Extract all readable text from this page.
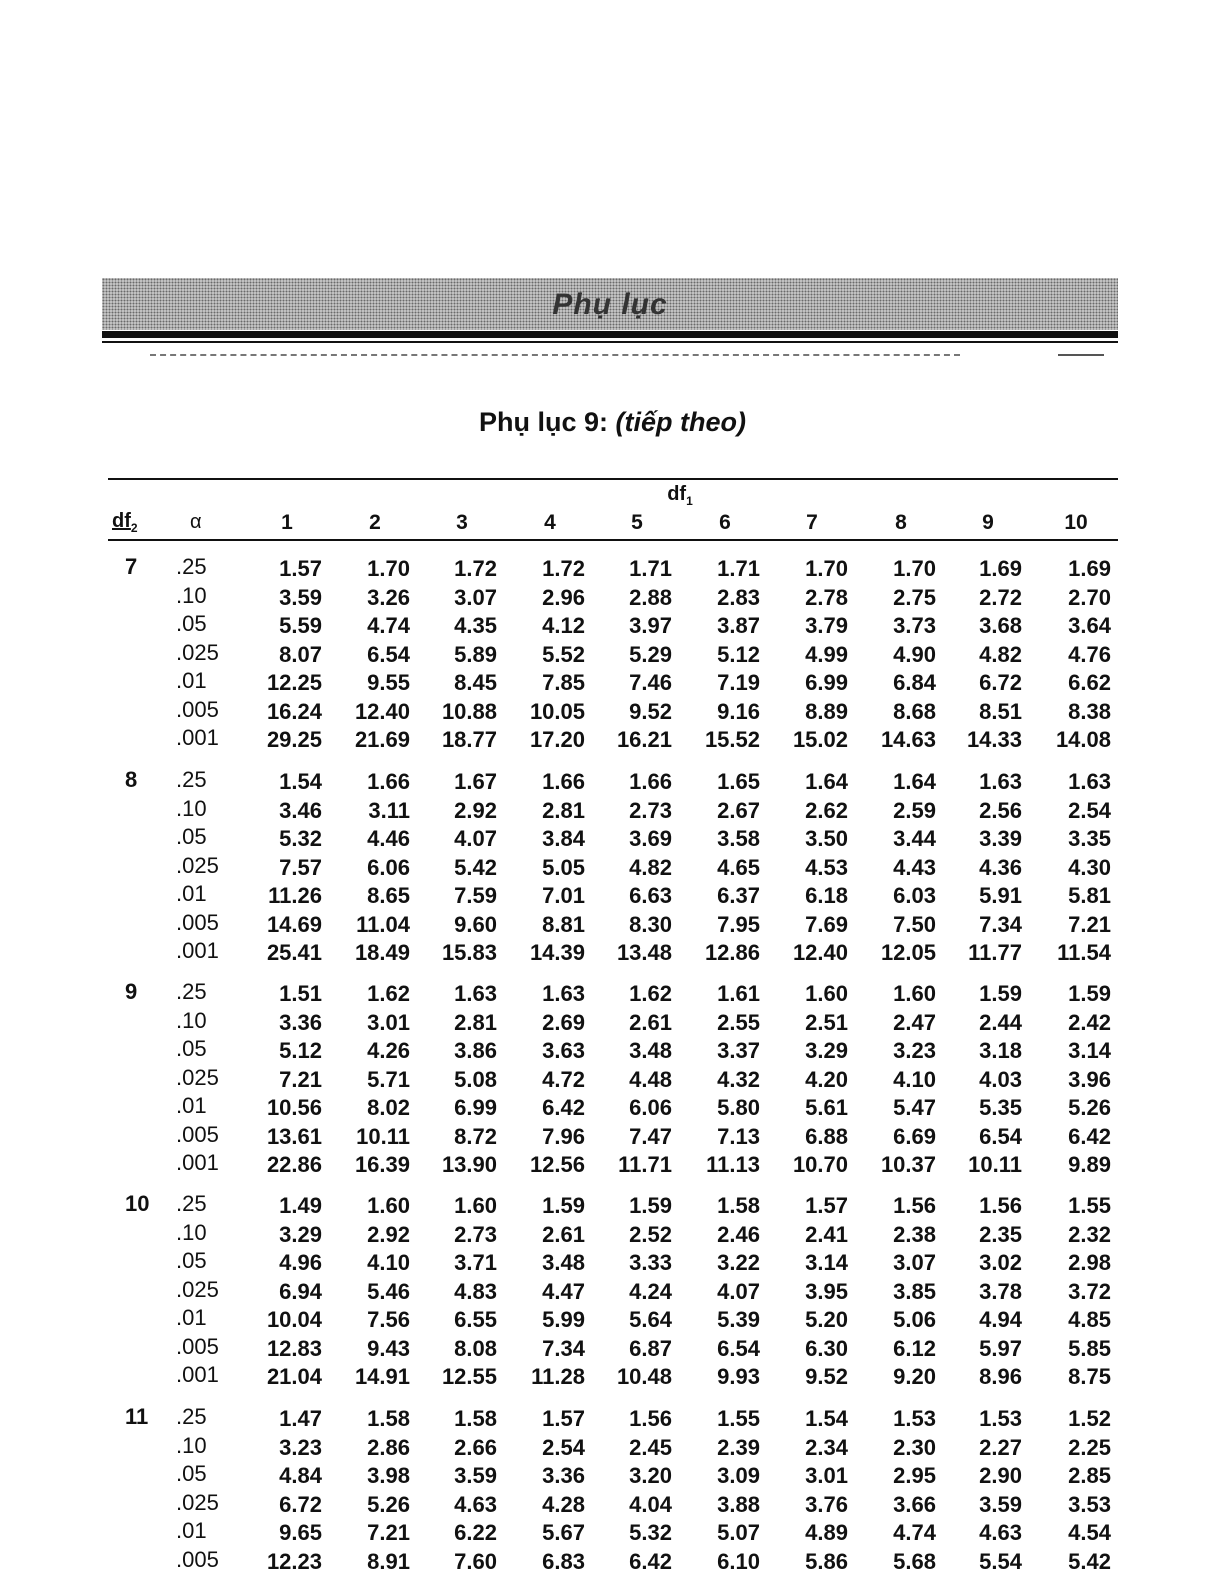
Phụ lục
Phụ lục 9: (tiếp theo)
$df_1$
$df_2$	α	1	2	3	4	5	6	7	8	9	10
7	.25	1.57	1.70	1.72	1.72	1.71	1.71	1.70	1.70	1.69	1.69
.10	3.59	3.26	3.07	2.96	2.88	2.83	2.78	2.75	2.72	2.70
.05	5.59	4.74	4.35	4.12	3.97	3.87	3.79	3.73	3.68	3.64
.025	8.07	6.54	5.89	5.52	5.29	5.12	4.99	4.90	4.82	4.76
.01	12.25	9.55	8.45	7.85	7.46	7.19	6.99	6.84	6.72	6.62
.005	16.24	12.40	10.88	10.05	9.52	9.16	8.89	8.68	8.51	8.38
.001	29.25	21.69	18.77	17.20	16.21	15.52	15.02	14.63	14.33	14.08
8	.25	1.54	1.66	1.67	1.66	1.66	1.65	1.64	1.64	1.63	1.63
.10	3.46	3.11	2.92	2.81	2.73	2.67	2.62	2.59	2.56	2.54
.05	5.32	4.46	4.07	3.84	3.69	3.58	3.50	3.44	3.39	3.35
.025	7.57	6.06	5.42	5.05	4.82	4.65	4.53	4.43	4.36	4.30
.01	11.26	8.65	7.59	7.01	6.63	6.37	6.18	6.03	5.91	5.81
.005	14.69	11.04	9.60	8.81	8.30	7.95	7.69	7.50	7.34	7.21
.001	25.41	18.49	15.83	14.39	13.48	12.86	12.40	12.05	11.77	11.54
9	.25	1.51	1.62	1.63	1.63	1.62	1.61	1.60	1.60	1.59	1.59
.10	3.36	3.01	2.81	2.69	2.61	2.55	2.51	2.47	2.44	2.42
.05	5.12	4.26	3.86	3.63	3.48	3.37	3.29	3.23	3.18	3.14
.025	7.21	5.71	5.08	4.72	4.48	4.32	4.20	4.10	4.03	3.96
.01	10.56	8.02	6.99	6.42	6.06	5.80	5.61	5.47	5.35	5.26
.005	13.61	10.11	8.72	7.96	7.47	7.13	6.88	6.69	6.54	6.42
.001	22.86	16.39	13.90	12.56	11.71	11.13	10.70	10.37	10.11	9.89
10	.25	1.49	1.60	1.60	1.59	1.59	1.58	1.57	1.56	1.56	1.55
.10	3.29	2.92	2.73	2.61	2.52	2.46	2.41	2.38	2.35	2.32
.05	4.96	4.10	3.71	3.48	3.33	3.22	3.14	3.07	3.02	2.98
.025	6.94	5.46	4.83	4.47	4.24	4.07	3.95	3.85	3.78	3.72
.01	10.04	7.56	6.55	5.99	5.64	5.39	5.20	5.06	4.94	4.85
.005	12.83	9.43	8.08	7.34	6.87	6.54	6.30	6.12	5.97	5.85
.001	21.04	14.91	12.55	11.28	10.48	9.93	9.52	9.20	8.96	8.75
11	.25	1.47	1.58	1.58	1.57	1.56	1.55	1.54	1.53	1.53	1.52
.10	3.23	2.86	2.66	2.54	2.45	2.39	2.34	2.30	2.27	2.25
.05	4.84	3.98	3.59	3.36	3.20	3.09	3.01	2.95	2.90	2.85
.025	6.72	5.26	4.63	4.28	4.04	3.88	3.76	3.66	3.59	3.53
.01	9.65	7.21	6.22	5.67	5.32	5.07	4.89	4.74	4.63	4.54
.005	12.23	8.91	7.60	6.83	6.42	6.10	5.86	5.68	5.54	5.42
